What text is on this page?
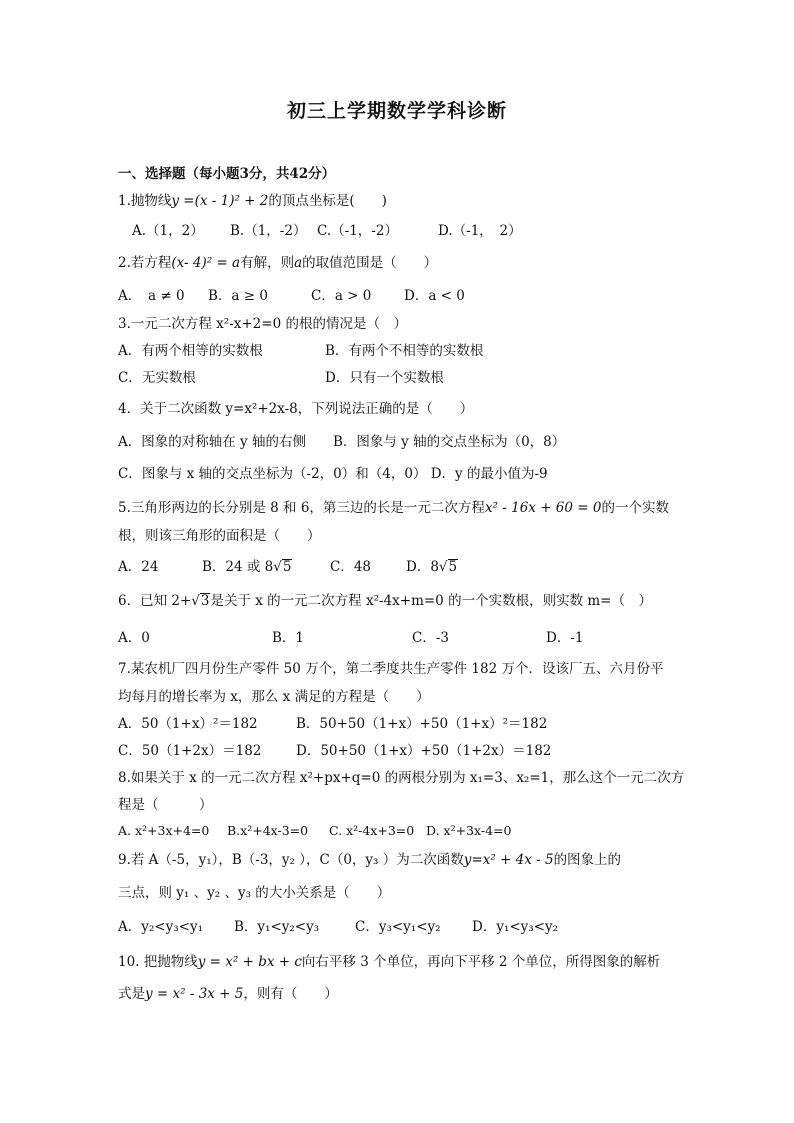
初三上学期数学学科诊断
一、选择题（每小题3分，共42分）
1.抛物线y =(x - 1)² + 2的顶点坐标是(　　)
A.（1，2） B.（1，-2） C.（-1，-2）	D.（-1，　2）
2.若方程(x- 4)² = a有解，则a的取值范围是（　　）
A．　a ≠ 0 B．a ≥ 0	C．a > 0 D．a < 0
3.一元二次方程 x²-x+2=0 的根的情况是（　）
A．有两个相等的实数根	B．有两个不相等的实数根
C．无实数根	D．只有一个实数根
4．关于二次函数 y=x²+2x-8，下列说法正确的是（　　）
A．图象的对称轴在 y 轴的右侧　　B．图象与 y 轴的交点坐标为（0，8）
C．图象与 x 轴的交点坐标为（-2，0）和（4，0） D．y 的最小值为-9
5.三角形两边的长分别是 8 和 6，第三边的长是一元二次方程x² - 16x + 60 = 0的一个实数
根，则该三角形的面积是（　　）
A．24	B．24 或 8√5	C．48	D．8√5
6．已知 2+√3是关于 x 的一元二次方程 x²-4x+m=0 的一个实数根，则实数 m=（　）
A．0	B．1	C．-3	D．-1
7.某农机厂四月份生产零件 50 万个，第二季度共生产零件 182 万个．设该厂五、六月份平
均每月的增长率为 x，那么 x 满足的方程是（　　）
A．50（1+x）²＝182	B．50+50（1+x）+50（1+x）²＝182
C．50（1+2x）＝182	D．50+50（1+x）+50（1+2x）＝182
8.如果关于 x 的一元二次方程 x²+px+q=0 的两根分别为 x₁=3、x₂=1，那么这个一元二次方
程是（　　　）
A. x²+3x+4=0 B.x²+4x-3=0 C. x²-4x+3=0 D. x²+3x-4=0
9.若 A（-5，y₁），B（-3，y₂ ），C（0，y₃ ）为二次函数y=x² + 4x - 5的图象上的
三点，则 y₁ 、y₂ 、y₃ 的大小关系是（　　）
A．y₂<y₃<y₁ B．y₁<y₂<y₃	C．y₃<y₁<y₂ D．y₁<y₃<y₂
10. 把抛物线y = x² + bx + c向右平移 3 个单位，再向下平移 2 个单位，所得图象的解析
式是y = x² - 3x + 5，则有（　　）
